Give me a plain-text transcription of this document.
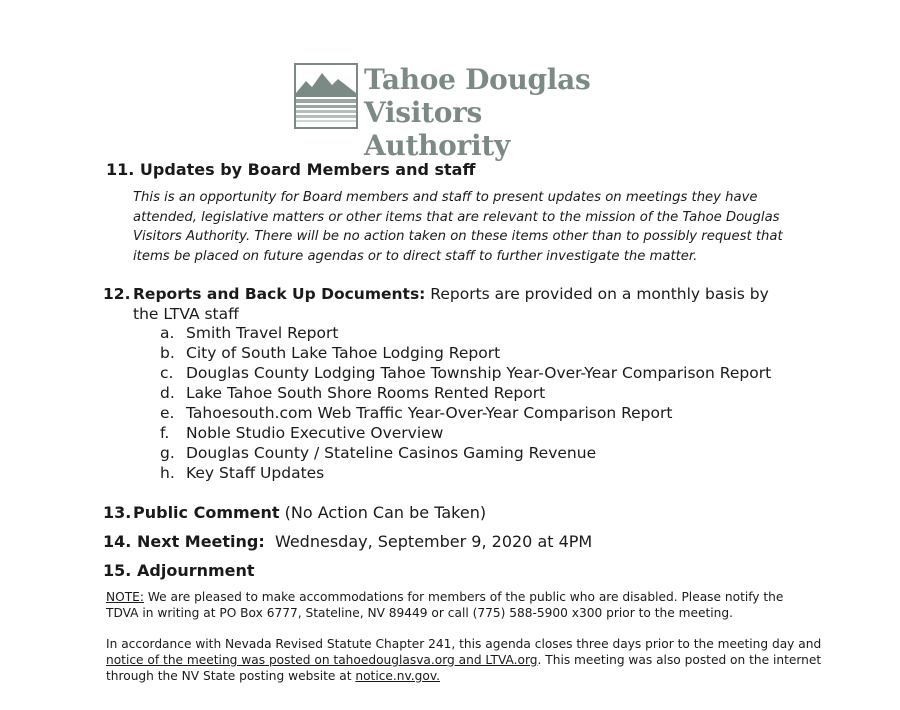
Tahoe Douglas
Visitors Authority
11. Updates by Board Members and staff
This is an opportunity for Board members and staff to present updates on meetings they have attended, legislative matters or other items that are relevant to the mission of the Tahoe Douglas Visitors Authority. There will be no action taken on these items other than to possibly request that items be placed on future agendas or to direct staff to further investigate the matter.
12. Reports and Back Up Documents: Reports are provided on a monthly basis by the LTVA staff
a. Smith Travel Report
b. City of South Lake Tahoe Lodging Report
c. Douglas County Lodging Tahoe Township Year-Over-Year Comparison Report
d. Lake Tahoe South Shore Rooms Rented Report
e. Tahoesouth.com Web Traffic Year-Over-Year Comparison Report
f. Noble Studio Executive Overview
g. Douglas County / Stateline Casinos Gaming Revenue
h. Key Staff Updates
13. Public Comment (No Action Can be Taken)
14. Next Meeting:  Wednesday, September 9, 2020 at 4PM
15. Adjournment
NOTE: We are pleased to make accommodations for members of the public who are disabled. Please notify the TDVA in writing at PO Box 6777, Stateline, NV 89449 or call (775) 588-5900 x300 prior to the meeting.
In accordance with Nevada Revised Statute Chapter 241, this agenda closes three days prior to the meeting day and notice of the meeting was posted on tahoedouglasva.org and LTVA.org. This meeting was also posted on the internet through the NV State posting website at notice.nv.gov.
